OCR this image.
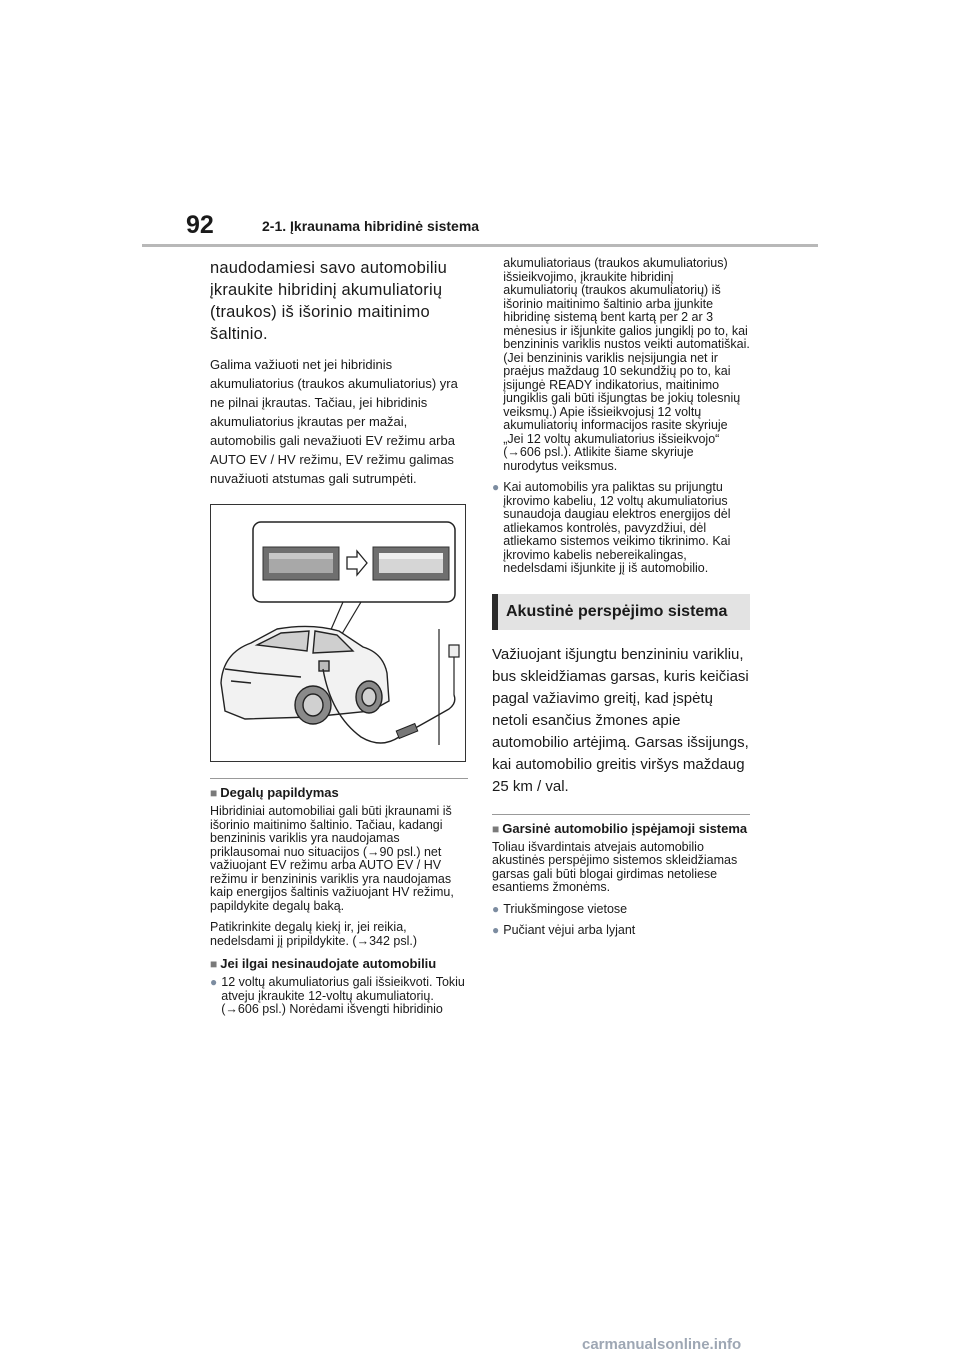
92	2-1. Įkraunama hibridinė sistema

naudodamiesi savo automobiliu įkraukite hibridinį akumuliatorių (traukos) iš išorinio maitinimo šaltinio.

Galima važiuoti net jei hibridinis akumuliatorius (traukos akumuliatorius) yra ne pilnai įkrautas. Tačiau, jei hibridinis akumuliatorius įkrautas per mažai, automobilis gali nevažiuoti EV režimu arba AUTO EV / HV režimu, EV režimu galimas nuvažiuoti atstumas gali sutrumpėti.

■ Degalų papildymas

Hibridiniai automobiliai gali būti įkraunami iš išorinio maitinimo šaltinio. Tačiau, kadangi benzininis variklis yra naudojamas priklausomai nuo situacijos (→90 psl.) net važiuojant EV režimu arba AUTO EV / HV režimu ir benzininis variklis yra naudojamas kaip energijos šaltinis važiuojant HV režimu, papildykite degalų baką.

Patikrinkite degalų kiekį ir, jei reikia, nedelsdami jį pripildykite. (→342 psl.)

■ Jei ilgai nesinaudojate automobiliu
● 12 voltų akumuliatorius gali išsieikvoti. Tokiu atveju įkraukite 12-voltų akumuliatorių. (→606 psl.) Norėdami išvengti hibridinio
akumuliatoriaus (traukos akumuliatorius) išsieikvojimo, įkraukite hibridinį akumuliatorių (traukos akumuliatorių) iš išorinio maitinimo šaltinio arba įjunkite hibridinę sistemą bent kartą per 2 ar 3 mėnesius ir išjunkite galios jungiklį po to, kai benzininis variklis nustos veikti automatiškai. (Jei benzininis variklis neįsijungia net ir praėjus maždaug 10 sekundžių po to, kai įsijungė READY indikatorius, maitinimo jungiklis gali būti išjungtas be jokių tolesnių veiksmų.) Apie išsieikvojusį 12 voltų akumuliatorių informacijos rasite skyriuje „Jei 12 voltų akumuliatorius išsieikvojo“ (→606 psl.). Atlikite šiame skyriuje nurodytus veiksmus.
● Kai automobilis yra paliktas su prijungtu įkrovimo kabeliu, 12 voltų akumuliatorius sunaudoja daugiau elektros energijos dėl atliekamos kontrolės, pavyzdžiui, dėl atliekamo sistemos veikimo tikrinimo. Kai įkrovimo kabelis nebereikalingas, nedelsdami išjunkite jį iš automobilio.
Akustinė perspėjimo sistema

Važiuojant išjungtu benzininiu varikliu, bus skleidžiamas garsas, kuris keičiasi pagal važiavimo greitį, kad įspėtų netoli esančius žmones apie automobilio artėjimą. Garsas išsijungs, kai automobilio greitis viršys maždaug 25 km / val.

■ Garsinė automobilio įspėjamoji sistema

Toliau išvardintais atvejais automobilio akustinės perspėjimo sistemos skleidžiamas garsas gali būti blogai girdimas netoliese esantiems žmonėms.

● Triukšmingose vietose
● Pučiant vėjui arba lyjant
carmanualsonline.info
